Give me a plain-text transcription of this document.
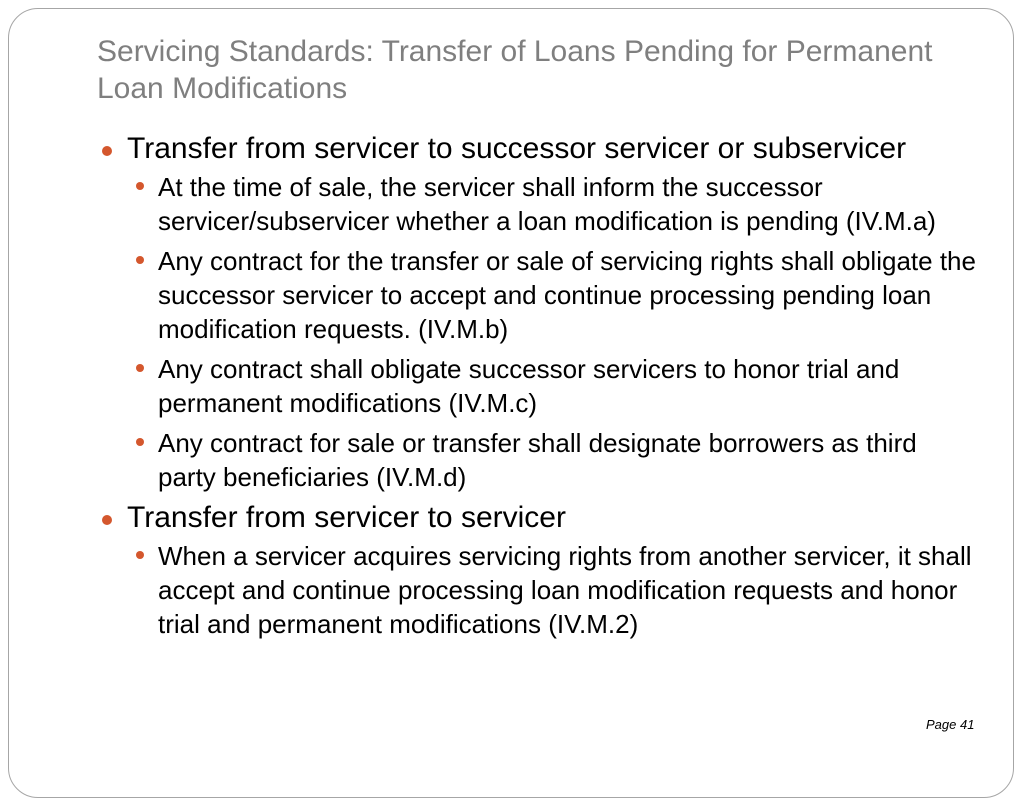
Servicing Standards: Transfer of Loans Pending for Permanent Loan Modifications
Transfer from servicer to successor servicer or subservicer
At the time of sale, the servicer shall inform the successor servicer/subservicer whether a loan modification is pending (IV.M.a)
Any contract for the transfer or sale of servicing rights shall obligate the successor servicer to accept and continue processing pending loan modification requests. (IV.M.b)
Any contract shall obligate successor servicers to honor trial and permanent modifications (IV.M.c)
Any contract for sale or transfer shall designate borrowers as third party beneficiaries (IV.M.d)
Transfer from servicer to servicer
When a servicer acquires servicing rights from another servicer, it shall accept and continue processing loan modification requests and honor trial and permanent modifications (IV.M.2)
Page 41
